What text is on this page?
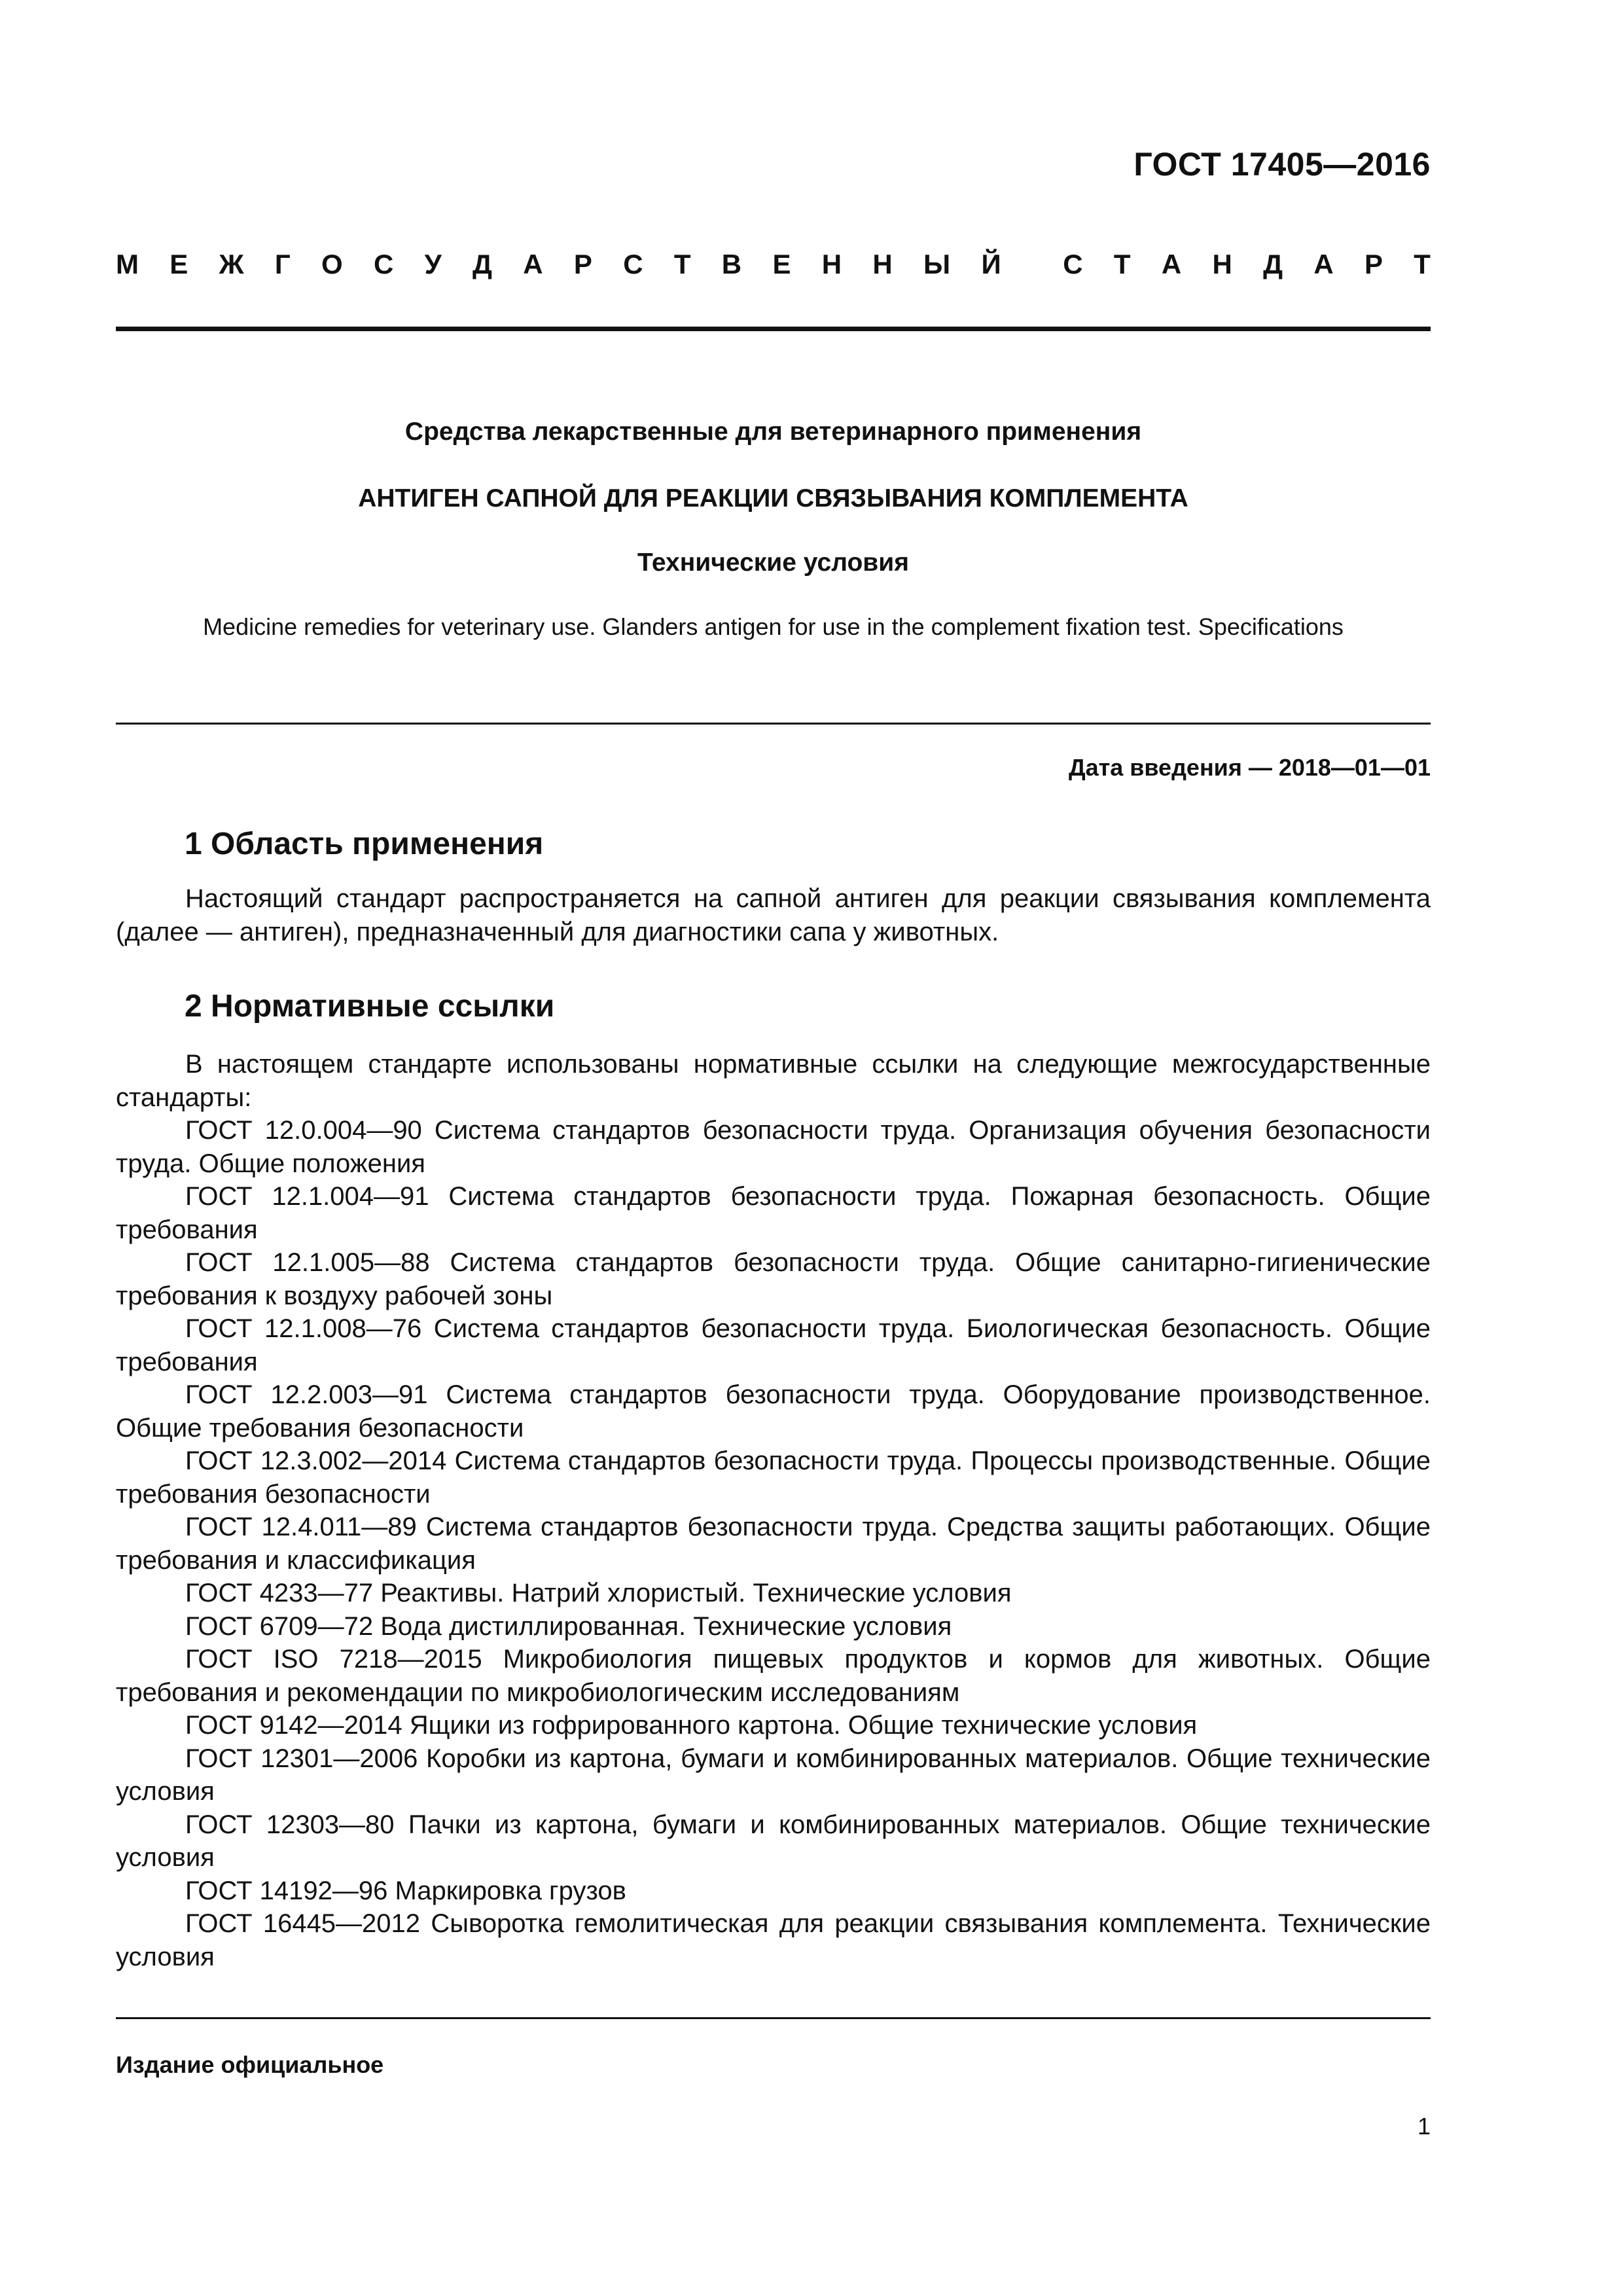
ГОСТ 17405—2016
М Е Ж Г О С У Д А Р С Т В Е Н Н Ы Й С Т А Н Д А Р Т
Средства лекарственные для ветеринарного применения
АНТИГЕН САПНОЙ ДЛЯ РЕАКЦИИ СВЯЗЫВАНИЯ КОМПЛЕМЕНТА
Технические условия
Medicine remedies for veterinary use. Glanders antigen for use in the complement fixation test. Specifications
Дата введения — 2018—01—01
1 Область применения

Настоящий стандарт распространяется на сапной антиген для реакции связывания комплемента (далее — антиген), предназначенный для диагностики сапа у животных.

2 Нормативные ссылки

В настоящем стандарте использованы нормативные ссылки на следующие межгосударственные стандарты:

ГОСТ 12.0.004—90 Система стандартов безопасности труда. Организация обучения безопасности труда. Общие положения

ГОСТ 12.1.004—91 Система стандартов безопасности труда. Пожарная безопасность. Общие требования

ГОСТ 12.1.005—88 Система стандартов безопасности труда. Общие санитарно-гигиенические требования к воздуху рабочей зоны

ГОСТ 12.1.008—76 Система стандартов безопасности труда. Биологическая безопасность. Общие требования

ГОСТ 12.2.003—91 Система стандартов безопасности труда. Оборудование производственное. Общие требования безопасности

ГОСТ 12.3.002—2014 Система стандартов безопасности труда. Процессы производственные. Общие требования безопасности

ГОСТ 12.4.011—89 Система стандартов безопасности труда. Средства защиты работающих. Общие требования и классификация

ГОСТ 4233—77 Реактивы. Натрий хлористый. Технические условия

ГОСТ 6709—72 Вода дистиллированная. Технические условия

ГОСТ ISO 7218—2015 Микробиология пищевых продуктов и кормов для животных. Общие требования и рекомендации по микробиологическим исследованиям

ГОСТ 9142—2014 Ящики из гофрированного картона. Общие технические условия

ГОСТ 12301—2006 Коробки из картона, бумаги и комбинированных материалов. Общие технические условия

ГОСТ 12303—80 Пачки из картона, бумаги и комбинированных материалов. Общие технические условия

ГОСТ 14192—96 Маркировка грузов

ГОСТ 16445—2012 Сыворотка гемолитическая для реакции связывания комплемента. Технические условия

Издание официальное
1
